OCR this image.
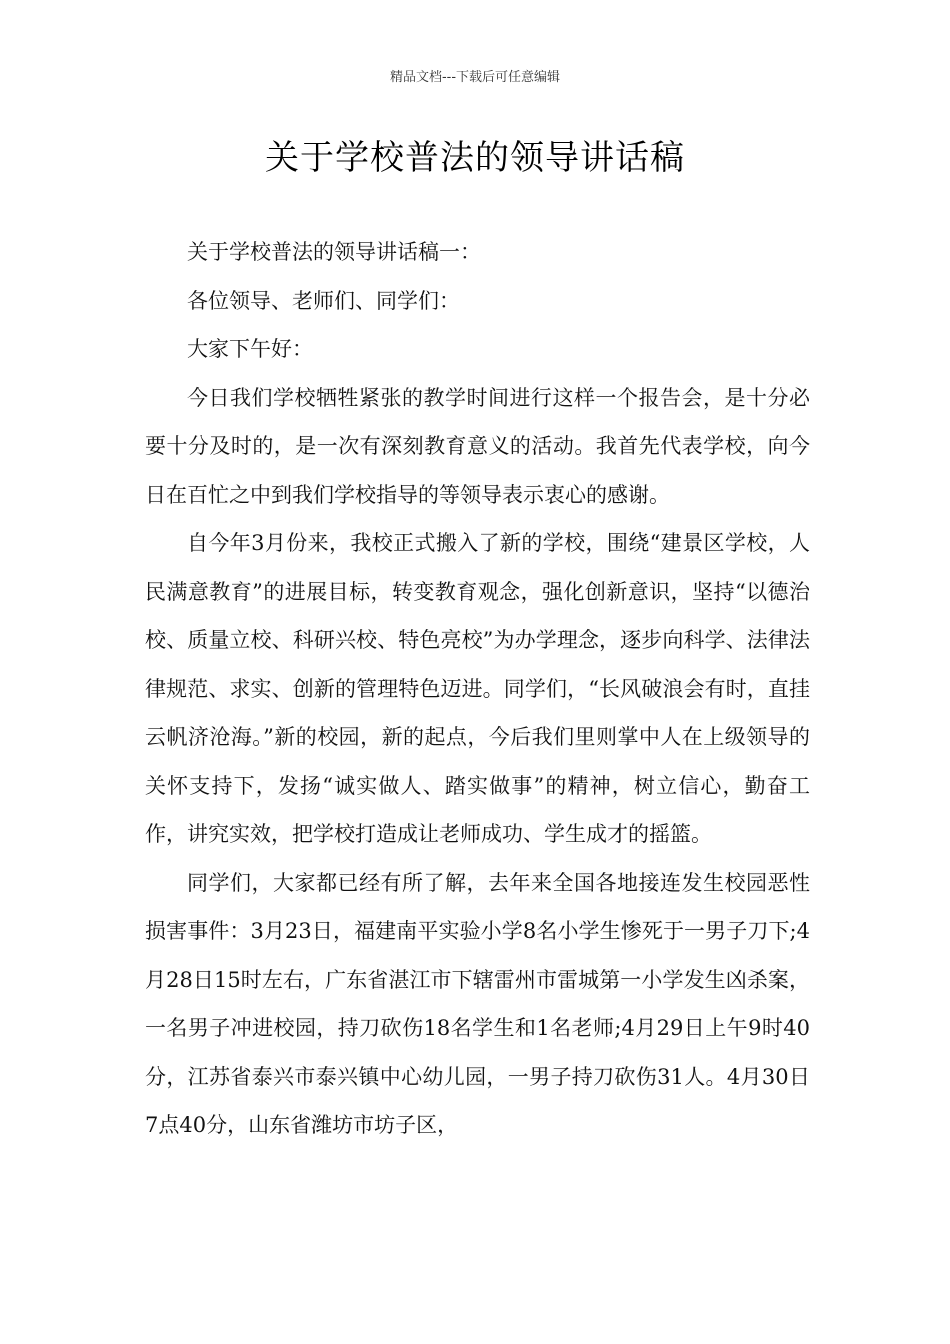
精品文档---下载后可任意编辑
关于学校普法的领导讲话稿

关于学校普法的领导讲话稿一：

各位领导、老师们、同学们：

大家下午好：

今日我们学校牺牲紧张的教学时间进行这样一个报告会，是十分必要十分及时的，是一次有深刻教育意义的活动。我首先代表学校，向今日在百忙之中到我们学校指导的等领导表示衷心的感谢。

自今年3月份来，我校正式搬入了新的学校，围绕“建景区学校，人民满意教育”的进展目标，转变教育观念，强化创新意识，坚持“以德治校、质量立校、科研兴校、特色亮校”为办学理念，逐步向科学、法律法律规范、求实、创新的管理特色迈进。同学们，“长风破浪会有时，直挂云帆济沧海。”新的校园，新的起点，今后我们里则掌中人在上级领导的关怀支持下，发扬“诚实做人、踏实做事”的精神，树立信心，勤奋工作，讲究实效，把学校打造成让老师成功、学生成才的摇篮。

同学们，大家都已经有所了解，去年来全国各地接连发生校园恶性损害事件：3月23日，福建南平实验小学8名小学生惨死于一男子刀下;4月28日15时左右，广东省湛江市下辖雷州市雷城第一小学发生凶杀案，一名男子冲进校园，持刀砍伤18名学生和1名老师;4月29日上午9时40分，江苏省泰兴市泰兴镇中心幼儿园，一男子持刀砍伤31人。4月30日7点40分，山东省潍坊市坊子区，
